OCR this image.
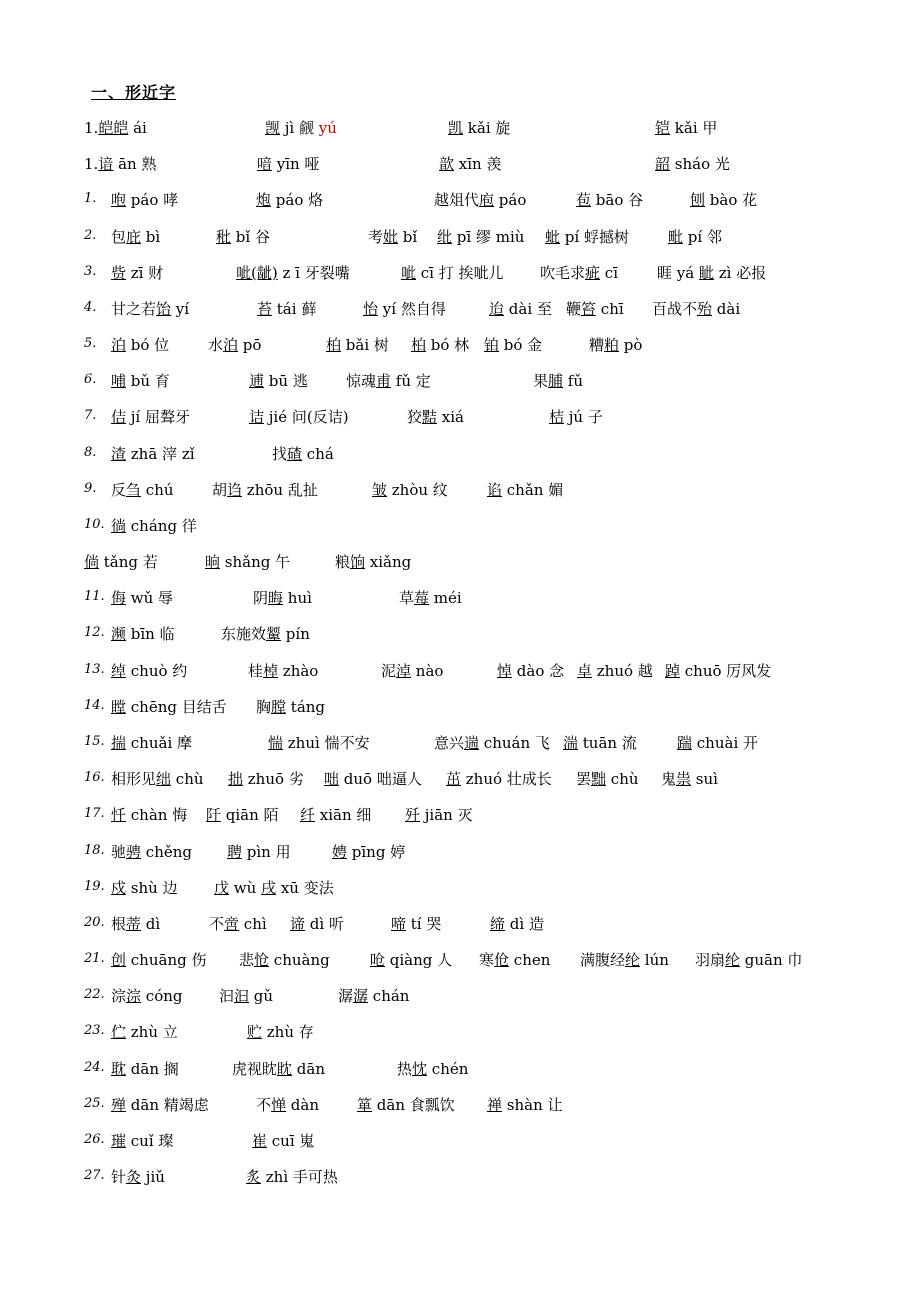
一、形近字
1.皑皑 ái	觊 jì 觎 yú	凯 kǎi 旋	铠 kǎi 甲
1.谙 ān 熟	喑 yīn 哑	歆 xīn 羡	韶 sháo 光
1. 咆 páo 哮	炮 páo 烙	越俎代庖 páo	苞 bāo 谷	刨 bào 花
2. 包庇 bì	秕 bǐ 谷	考妣 bǐ 纰 pī 缪 miù 蚍 pí 蜉撼树	毗 pí 邻
3. 赀 zī 财	呲(龇) z ī 牙裂嘴	呲 cī 打 挨呲儿 吹毛求疵 cī	睚 yá 眦 zì 必报
4. 甘之若饴 yí	苔 tái 藓	怡 yí 然自得	迨 dài 至 鞭笞 chī 百战不殆 dài
5. 泊 bó 位	水泊 pō	柏 bǎi 树 柏 bó 林 铂 bó 金	糟粕 pò
6. 哺 bǔ 育	逋 bū 逃	惊魂甫 fǔ 定	果脯 fǔ
7. 佶 jí 屈聱牙	诘 jié 问(反诘)	狡黠 xiá	桔 jú 子
8. 渣 zhā 滓 zǐ	找碴 chá
9. 反刍 chú	胡诌 zhōu 乱扯	皱 zhòu 纹	谄 chǎn 媚
10. 徜 cháng 徉
倘 tǎng 若	晌 shǎng 午	粮饷 xiǎng
11. 侮 wǔ 辱	阴晦 huì	草莓 méi
12. 濒 bīn 临	东施效颦 pín
13. 绰 chuò 约	桂棹 zhào	泥淖 nào	悼 dào 念 卓 zhuó 越 踔 chuō 厉风发
14. 瞠 chēng 目结舌 胸膛 táng
15. 揣 chuǎi 摩	惴 zhuì 惴不安	意兴遄 chuán 飞 湍 tuān 流	踹 chuài 开
16. 相形见绌 chù 拙 zhuō 劣 咄 duō 咄逼人 茁 zhuó 壮成长 罢黜 chù 鬼祟 suì
17. 忏 chàn 悔 阡 qiān 陌 纤 xiān 细 歼 jiān 灭
18. 驰骋 chěng 聘 pìn 用	娉 pīng 婷
19. 戍 shù 边 戊 wù 戌 xū 变法
20. 根蒂 dì	不啻 chì 谛 dì 听	啼 tí 哭	缔 dì 造
21. 创 chuāng 伤 悲怆 chuàng	呛 qiàng 人 寒伧 chen 满腹经纶 lún 羽扇纶 guān 巾
22. 淙淙 cóng 汩汩 gǔ	潺潺 chán
23. 伫 zhù 立	贮 zhù 存
24. 耽 dān 搁	虎视眈眈 dān	热忱 chén
25. 殚 dān 精竭虑	不惮 dàn	箪 dān 食瓢饮 禅 shàn 让
26. 璀 cuǐ 璨	崔 cuī 嵬
27. 针灸 jiǔ	炙 zhì 手可热
